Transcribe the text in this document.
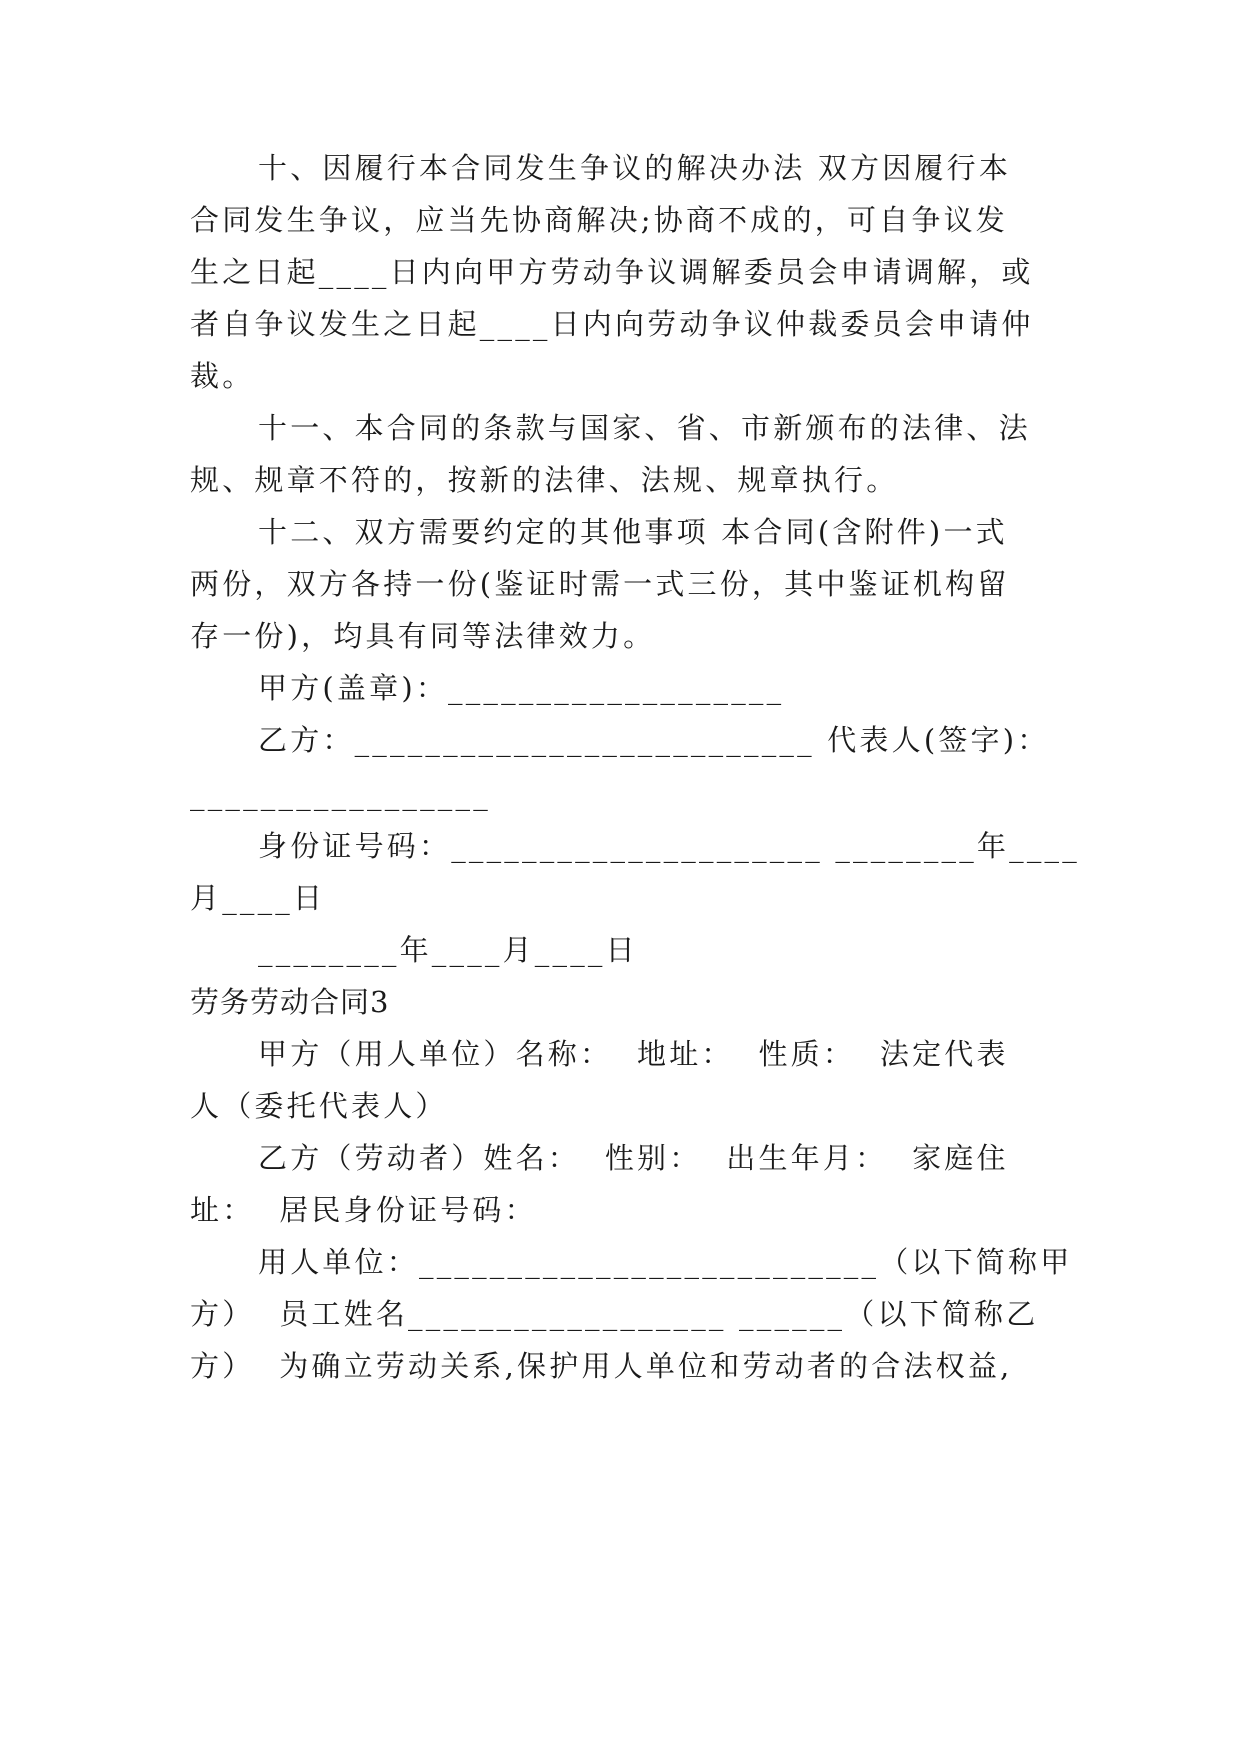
十、因履行本合同发生争议的解决办法 双方因履行本
合同发生争议，应当先协商解决;协商不成的，可自争议发
生之日起____日内向甲方劳动争议调解委员会申请调解，或
者自争议发生之日起____日内向劳动争议仲裁委员会申请仲
裁。
十一、本合同的条款与国家、省、市新颁布的法律、法
规、规章不符的，按新的法律、法规、规章执行。
十二、双方需要约定的其他事项 本合同(含附件)一式
两份，双方各持一份(鉴证时需一式三份，其中鉴证机构留
存一份)，均具有同等法律效力。
甲方(盖章)：___________________
乙方：__________________________ 代表人(签字)：
_________________
身份证号码：_____________________ ________年____
月____日
________年____月____日
劳务劳动合同3
甲方（用人单位）名称：  地址：  性质：  法定代表
人（委托代表人）
乙方（劳动者）姓名：  性别：  出生年月：  家庭住
址：  居民身份证号码：
用人单位：__________________________（以下简称甲
方）  员工姓名__________________ ______（以下简称乙
方）  为确立劳动关系,保护用人单位和劳动者的合法权益,
